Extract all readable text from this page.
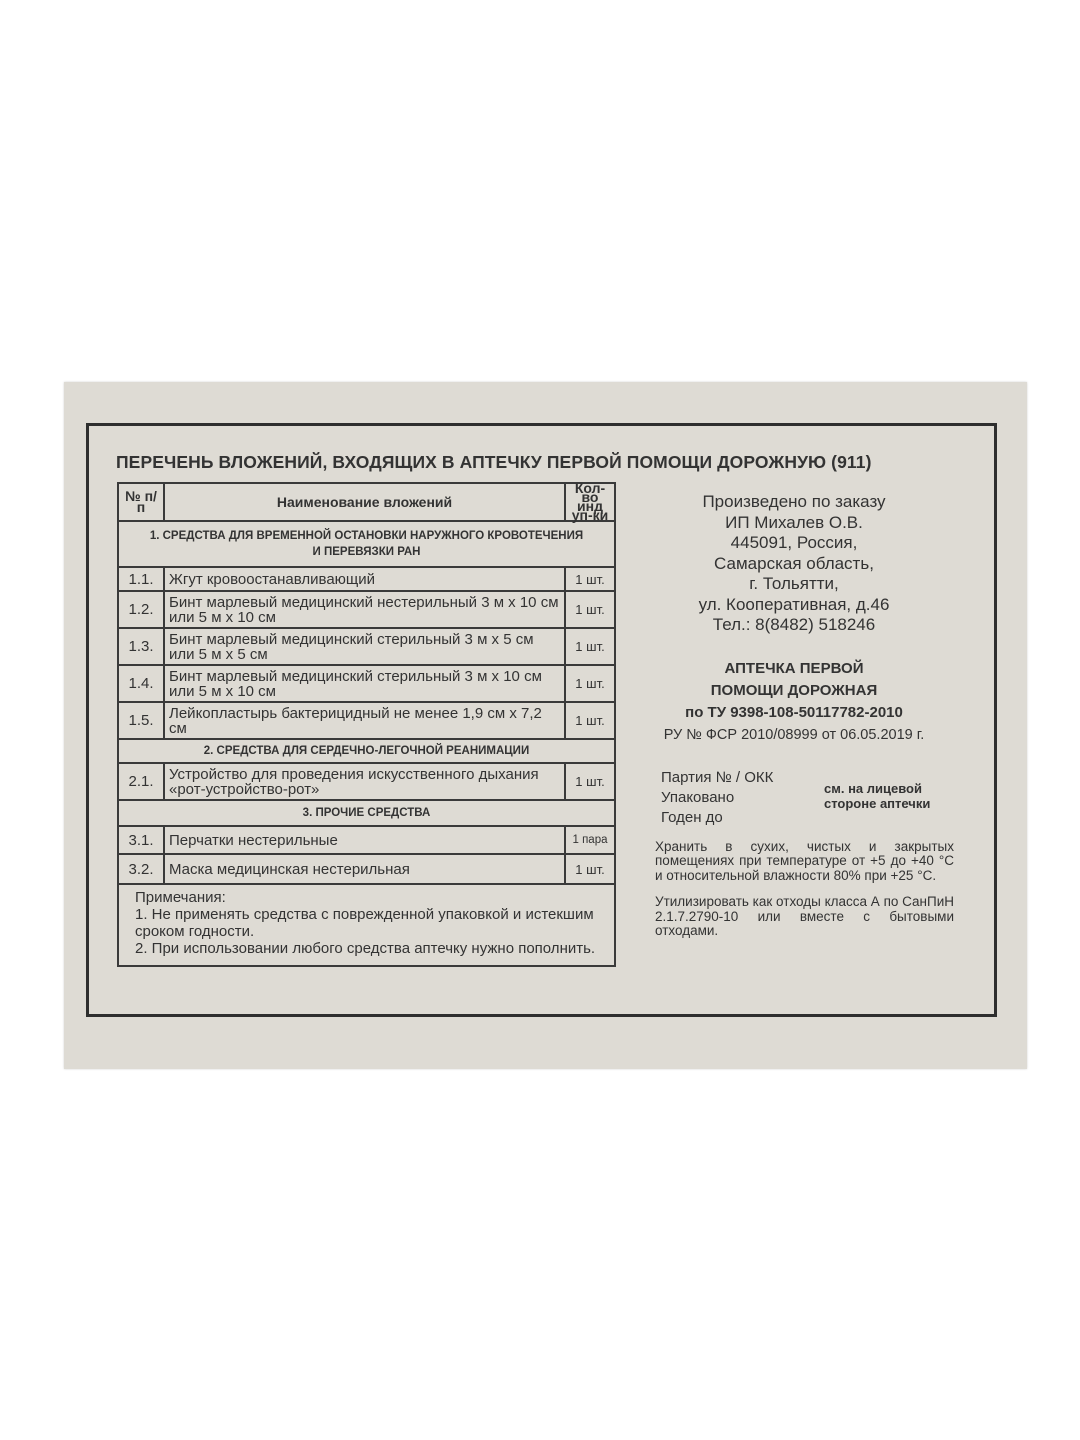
ПЕРЕЧЕНЬ ВЛОЖЕНИЙ, ВХОДЯЩИХ В АПТЕЧКУ ПЕРВОЙ ПОМОЩИ ДОРОЖНУЮ (911)
№ п/п	Наименование вложений	Кол-во инд уп-ки
1. СРЕДСТВА ДЛЯ ВРЕМЕННОЙ ОСТАНОВКИ НАРУЖНОГО КРОВОТЕЧЕНИЯ И ПЕРЕВЯЗКИ РАН		
1.1.	Жгут кровоостанавливающий	1 шт.
1.2.	Бинт марлевый медицинский нестерильный 3 м х 10 см или 5 м х 10 см	1 шт.
1.3.	Бинт марлевый медицинский стерильный 3 м х 5 см или 5 м х 5 см	1 шт.
1.4.	Бинт марлевый медицинский стерильный 3 м х 10 см или 5 м х 10 см	1 шт.
1.5.	Лейкопластырь бактерицидный не менее 1,9 см х 7,2 см	1 шт.
2. СРЕДСТВА ДЛЯ СЕРДЕЧНО-ЛЕГОЧНОЙ РЕАНИМАЦИИ		
2.1.	Устройство для проведения искусственного дыхания «рот-устройство-рот»	1 шт.
3. ПРОЧИЕ СРЕДСТВА		
3.1.	Перчатки нестерильные	1 пара
3.2.	Маска медицинская нестерильная	1 шт.

Примечания:
1. Не применять средства с поврежденной упаковкой и истекшим сроком годности.
2. При использовании любого средства аптечку нужно пополнить.		
Произведено по заказу
ИП Михалев О.В.
445091, Россия,
Самарская область,
г. Тольятти,
ул. Кооперативная, д.46
Тел.: 8(8482) 518246
АПТЕЧКА ПЕРВОЙ
ПОМОЩИ ДОРОЖНАЯ
по ТУ 9398-108-50117782-2010
РУ № ФСР 2010/08999 от 06.05.2019 г.
Партия № / ОКК
Упаковано
Годен до
см. на лицевой
стороне аптечки
Хранить в сухих, чистых и закрытых помещениях при температуре от +5 до +40 °С и относительной влажности 80% при +25 °С.
Утилизировать как отходы класса А по СанПиН 2.1.7.2790-10 или вместе с бытовыми отходами.
